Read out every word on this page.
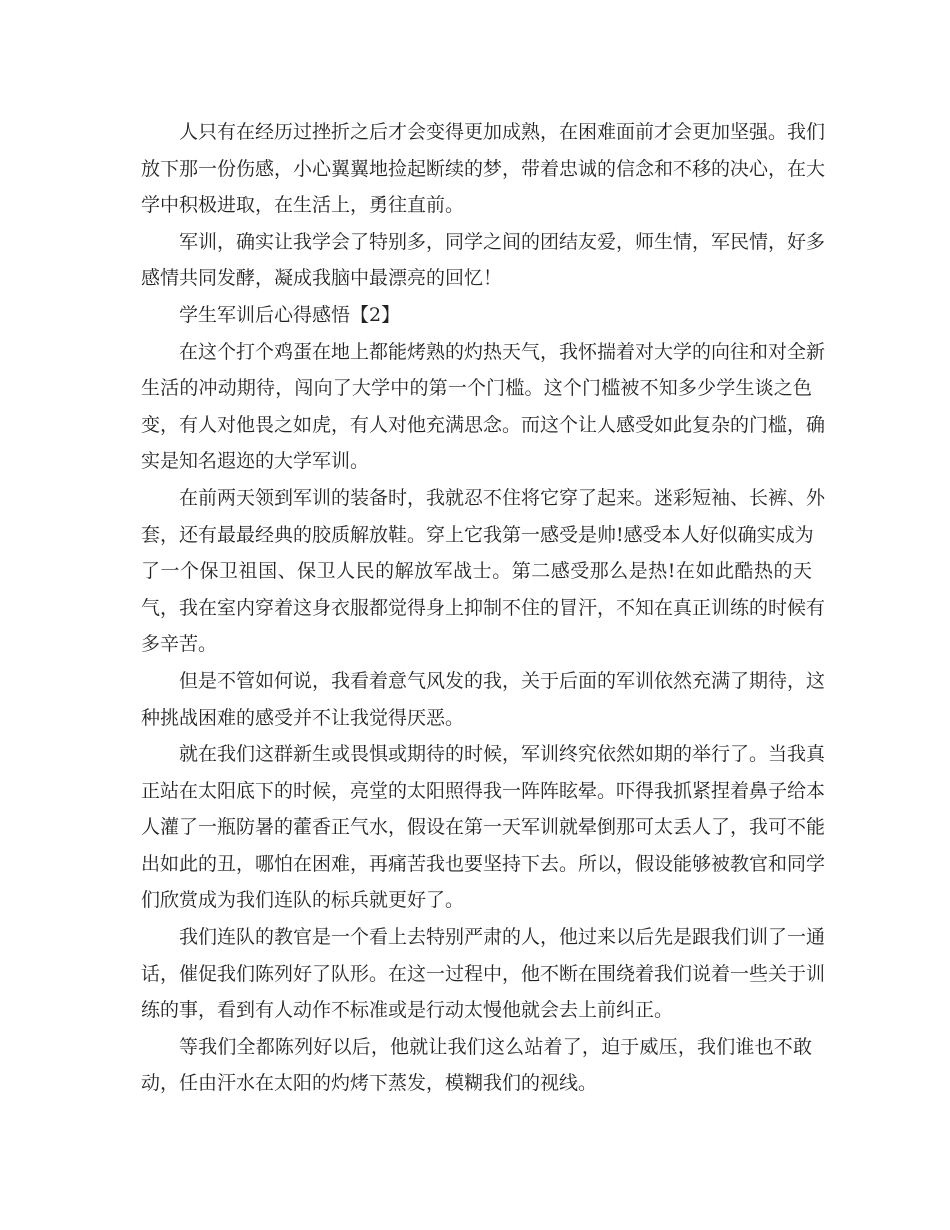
人只有在经历过挫折之后才会变得更加成熟，在困难面前才会更加坚强。我们
放下那一份伤感，小心翼翼地捡起断续的梦，带着忠诚的信念和不移的决心，在大
学中积极进取，在生活上，勇往直前。
军训，确实让我学会了特别多，同学之间的团结友爱，师生情，军民情，好多
感情共同发酵，凝成我脑中最漂亮的回忆！
学生军训后心得感悟【2】
在这个打个鸡蛋在地上都能烤熟的灼热天气，我怀揣着对大学的向往和对全新
生活的冲动期待，闯向了大学中的第一个门槛。这个门槛被不知多少学生谈之色
变，有人对他畏之如虎，有人对他充满思念。而这个让人感受如此复杂的门槛，确
实是知名遐迩的大学军训。
在前两天领到军训的装备时，我就忍不住将它穿了起来。迷彩短袖、长裤、外
套，还有最最经典的胶质解放鞋。穿上它我第一感受是帅!感受本人好似确实成为
了一个保卫祖国、保卫人民的解放军战士。第二感受那么是热!在如此酷热的天
气，我在室内穿着这身衣服都觉得身上抑制不住的冒汗，不知在真正训练的时候有
多辛苦。
但是不管如何说，我看着意气风发的我，关于后面的军训依然充满了期待，这
种挑战困难的感受并不让我觉得厌恶。
就在我们这群新生或畏惧或期待的时候，军训终究依然如期的举行了。当我真
正站在太阳底下的时候，亮堂的太阳照得我一阵阵眩晕。吓得我抓紧捏着鼻子给本
人灌了一瓶防暑的藿香正气水，假设在第一天军训就晕倒那可太丢人了，我可不能
出如此的丑，哪怕在困难，再痛苦我也要坚持下去。所以，假设能够被教官和同学
们欣赏成为我们连队的标兵就更好了。
我们连队的教官是一个看上去特别严肃的人，他过来以后先是跟我们训了一通
话，催促我们陈列好了队形。在这一过程中，他不断在围绕着我们说着一些关于训
练的事，看到有人动作不标准或是行动太慢他就会去上前纠正。
等我们全都陈列好以后，他就让我们这么站着了，迫于威压，我们谁也不敢
动，任由汗水在太阳的灼烤下蒸发，模糊我们的视线。
